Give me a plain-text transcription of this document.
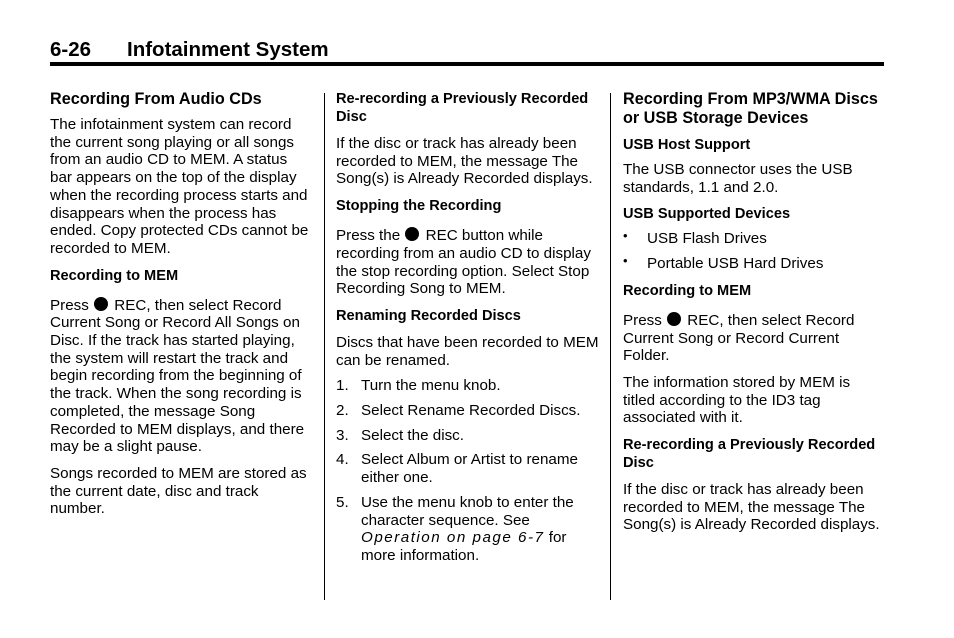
6-26 Infotainment System
Recording From Audio CDs

The infotainment system can record the current song playing or all songs from an audio CD to MEM. A status bar appears on the top of the display when the recording process starts and disappears when the process has ended. Copy protected CDs cannot be recorded to MEM.

Recording to MEM

Press REC, then select Record Current Song or Record All Songs on Disc. If the track has started playing, the system will restart the track and begin recording from the beginning of the track. When the song recording is completed, the message Song Recorded to MEM displays, and there may be a slight pause.

Songs recorded to MEM are stored as the current date, disc and track number.

Re-recording a Previously Recorded Disc

If the disc or track has already been recorded to MEM, the message The Song(s) is Already Recorded displays.

Stopping the Recording

Press the REC button while recording from an audio CD to display the stop recording option. Select Stop Recording Song to MEM.

Renaming Recorded Discs

Discs that have been recorded to MEM can be renamed.

1. Turn the menu knob.
2. Select Rename Recorded Discs.
3. Select the disc.
4. Select Album or Artist to rename either one.
5. Use the menu knob to enter the character sequence. See Operation on page 6-7 for more information.
Recording From MP3/WMA Discs or USB Storage Devices
USB Host Support

The USB connector uses the USB standards, 1.1 and 2.0.

USB Supported Devices
• USB Flash Drives
• Portable USB Hard Drives
Recording to MEM

Press REC, then select Record Current Song or Record Current Folder.

The information stored by MEM is titled according to the ID3 tag associated with it.

Re-recording a Previously Recorded Disc

If the disc or track has already been recorded to MEM, the message The Song(s) is Already Recorded displays.
